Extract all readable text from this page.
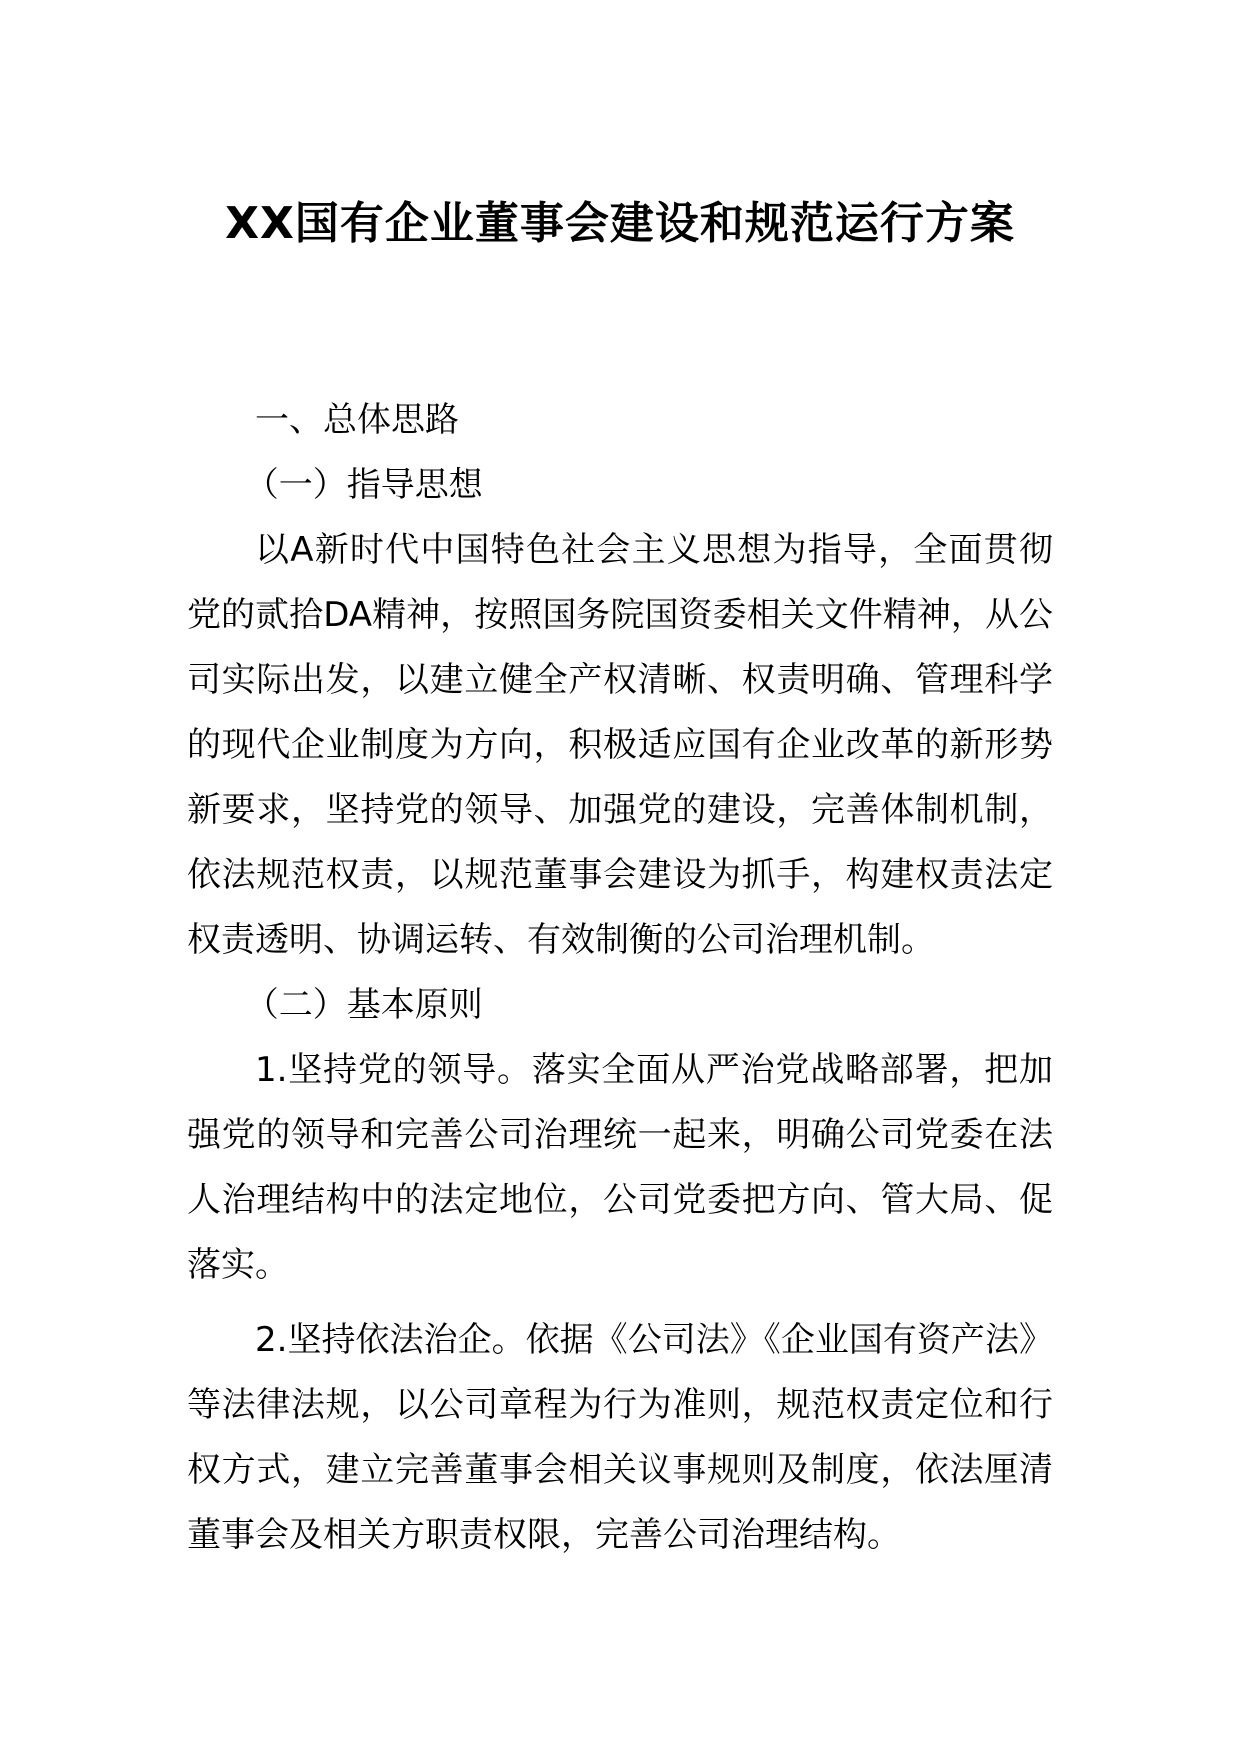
XX国有企业董事会建设和规范运行方案

一、总体思路

（一）指导思想

以A新时代中国特色社会主义思想为指导，全面贯彻党的贰拾DA精神，按照国务院国资委相关文件精神，从公司实际出发，以建立健全产权清晰、权责明确、管理科学的现代企业制度为方向，积极适应国有企业改革的新形势新要求，坚持党的领导、加强党的建设，完善体制机制，依法规范权责，以规范董事会建设为抓手，构建权责法定权责透明、协调运转、有效制衡的公司治理机制。

（二）基本原则

1.坚持党的领导。落实全面从严治党战略部署，把加强党的领导和完善公司治理统一起来，明确公司党委在法人治理结构中的法定地位，公司党委把方向、管大局、促落实。

2.坚持依法治企。依据《公司法》《企业国有资产法》等法律法规，以公司章程为行为准则，规范权责定位和行权方式，建立完善董事会相关议事规则及制度，依法厘清董事会及相关方职责权限，完善公司治理结构。
